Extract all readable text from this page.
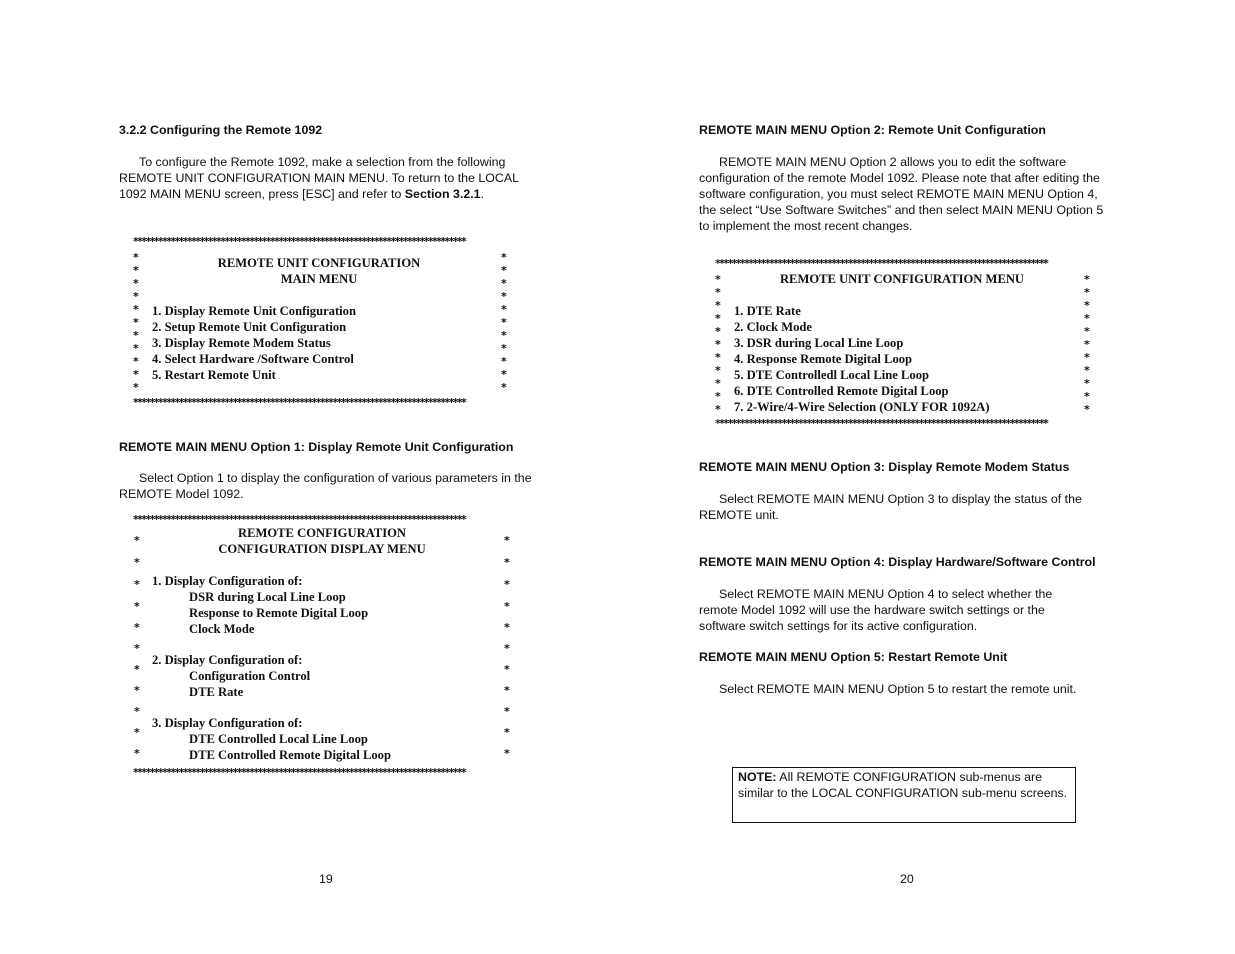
3.2.2 Configuring the Remote 1092
To configure the Remote 1092, make a selection from the following REMOTE UNIT CONFIGURATION MAIN MENU. To return to the LOCAL 1092 MAIN MENU screen, press [ESC] and refer to Section 3.2.1.
********************************************************************************
*
*
*
*
*
*
*
*
*
*
*
*
*
*
*
*
*
*
*
*
*
*
REMOTE UNIT CONFIGURATION
MAIN MENU
1. Display Remote Unit Configuration
2. Setup Remote Unit Configuration
3. Display Remote Modem Status
4. Select Hardware /Software Control
5. Restart Remote Unit
********************************************************************************
REMOTE MAIN MENU Option 1: Display Remote Unit Configuration
Select Option 1 to display the configuration of various parameters in the REMOTE Model 1092.
********************************************************************************
*
*
*
*
*
*
*
*
*
*
*
*
*
*
*
*
*
*
*
*
*
*
REMOTE CONFIGURATION
CONFIGURATION DISPLAY MENU
1. Display Configuration of:
DSR during Local Line Loop
Response to Remote Digital Loop
Clock Mode
2. Display Configuration of:
Configuration Control
DTE Rate
3. Display Configuration of:
DTE Controlled Local Line Loop
DTE Controlled Remote Digital Loop
********************************************************************************
19
REMOTE MAIN MENU Option 2: Remote Unit Configuration
REMOTE MAIN MENU Option 2 allows you to edit the software configuration of the remote Model 1092. Please note that after editing the software configuration, you must select REMOTE MAIN MENU Option 4, the select “Use Software Switches” and then select MAIN MENU Option 5 to implement the most recent changes.
********************************************************************************
*
*
*
*
*
*
*
*
*
*
*
*
*
*
*
*
*
*
*
*
*
*
REMOTE UNIT CONFIGURATION MENU
1. DTE Rate
2. Clock Mode
3. DSR during Local Line Loop
4. Response Remote Digital Loop
5. DTE Controlledl Local Line Loop
6. DTE Controlled Remote Digital Loop
7. 2-Wire/4-Wire Selection (ONLY FOR 1092A)
********************************************************************************
REMOTE MAIN MENU Option 3: Display Remote Modem Status
Select REMOTE MAIN MENU Option 3 to display the status of the REMOTE unit.
REMOTE MAIN MENU Option 4: Display Hardware/Software Control
Select REMOTE MAIN MENU Option 4 to select whether the remote Model 1092 will use the hardware switch settings or the software switch settings for its active configuration.
REMOTE MAIN MENU Option 5: Restart Remote Unit
Select REMOTE MAIN MENU Option 5 to restart the remote unit.
NOTE: All REMOTE CONFIGURATION sub-menus are similar to the LOCAL CONFIGURATION sub-menu screens.
20
